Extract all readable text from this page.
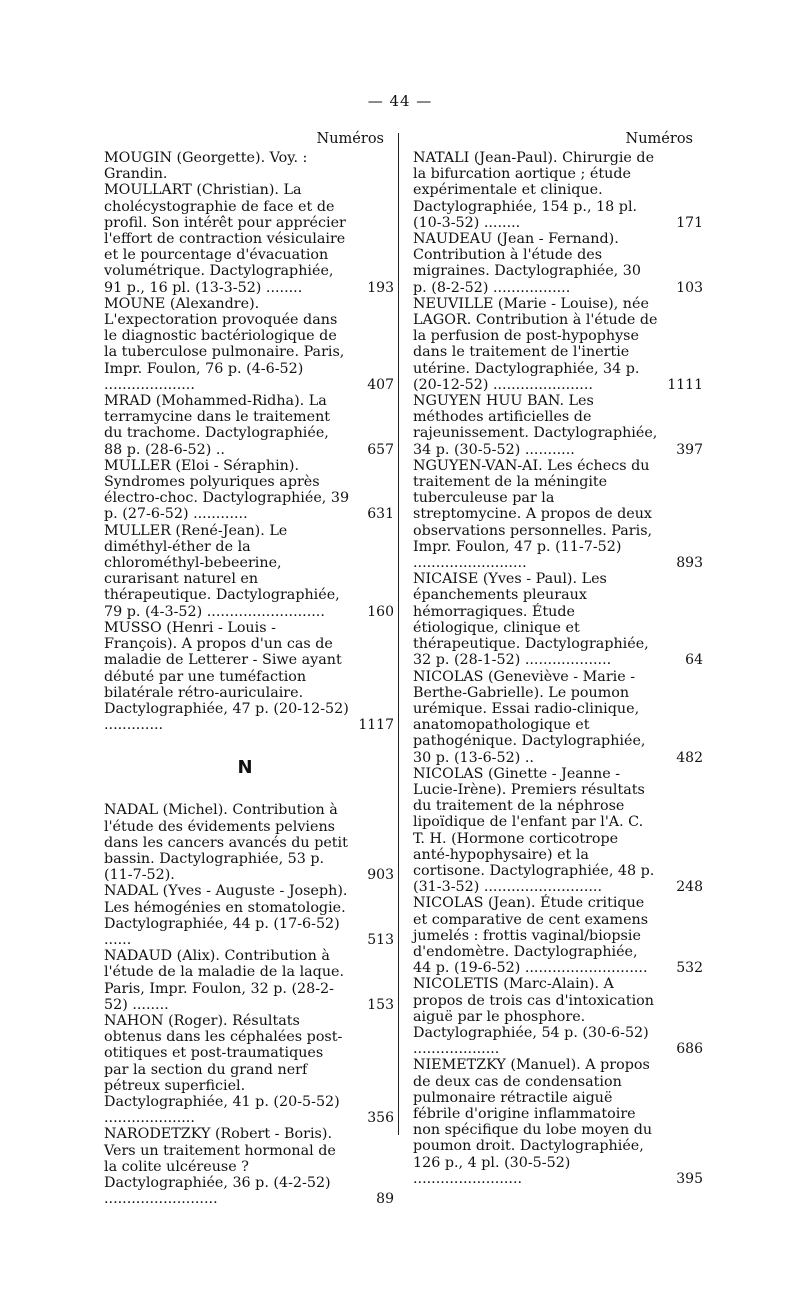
— 44 —
Numéros
MOUGIN (Georgette). Voy. : Grandin.
MOULLART (Christian). La cholécystographie de face et de profil. Son intérêt pour apprécier l'effort de contraction vésiculaire et le pourcentage d'évacuation volumétrique. Dactylographiée, 91 p., 16 pl. (13-3-52) ........	193
MOUNE (Alexandre). L'expectoration provoquée dans le diagnostic bactériologique de la tuberculose pulmonaire. Paris, Impr. Foulon, 76 p. (4-6-52) ....................	407
MRAD (Mohammed-Ridha). La terramycine dans le traitement du trachome. Dactylographiée, 88 p. (28-6-52) ..	657
MULLER (Eloi - Séraphin). Syndromes polyuriques après électro-choc. Dactylographiée, 39 p. (27-6-52) ............	631
MULLER (René-Jean). Le diméthyl-éther de la chlorométhyl-bebeerine, curarisant naturel en thérapeutique. Dactylographiée, 79 p. (4-3-52) ..........................	160
MUSSO (Henri - Louis - François). A propos d'un cas de maladie de Letterer - Siwe ayant débuté par une tuméfaction bilatérale rétro-auriculaire. Dactylographiée, 47 p. (20-12-52) .............	1117
N
NADAL (Michel). Contribution à l'étude des évidements pelviens dans les cancers avancés du petit bassin. Dactylographiée, 53 p. (11-7-52).	903
NADAL (Yves - Auguste - Joseph). Les hémogénies en stomatologie. Dactylographiée, 44 p. (17-6-52) ......	513
NADAUD (Alix). Contribution à l'étude de la maladie de la laque. Paris, Impr. Foulon, 32 p. (28-2-52) ........	153
NAHON (Roger). Résultats obtenus dans les céphalées post-otitiques et post-traumatiques par la section du grand nerf pétreux superficiel. Dactylographiée, 41 p. (20-5-52) ....................	356
NARODETZKY (Robert - Boris). Vers un traitement hormonal de la colite ulcéreuse ? Dactylographiée, 36 p. (4-2-52) .........................	89
Numéros
NATALI (Jean-Paul). Chirurgie de la bifurcation aortique ; étude expérimentale et clinique. Dactylographiée, 154 p., 18 pl. (10-3-52) ........	171
NAUDEAU (Jean - Fernand). Contribution à l'étude des migraines. Dactylographiée, 30 p. (8-2-52) .................	103
NEUVILLE (Marie - Louise), née LAGOR. Contribution à l'étude de la perfusion de post-hypophyse dans le traitement de l'inertie utérine. Dactylographiée, 34 p. (20-12-52) ......................	1111
NGUYEN HUU BAN. Les méthodes artificielles de rajeunissement. Dactylographiée, 34 p. (30-5-52) ...........	397
NGUYEN-VAN-AI. Les échecs du traitement de la méningite tuberculeuse par la streptomycine. A propos de deux observations personnelles. Paris, Impr. Foulon, 47 p. (11-7-52) .........................	893
NICAISE (Yves - Paul). Les épanchements pleuraux hémorragiques. Étude étiologique, clinique et thérapeutique. Dactylographiée, 32 p. (28-1-52) ...................	64
NICOLAS (Geneviève - Marie - Berthe-Gabrielle). Le poumon urémique. Essai radio-clinique, anatomopathologique et pathogénique. Dactylographiée, 30 p. (13-6-52) ..	482
NICOLAS (Ginette - Jeanne - Lucie-Irène). Premiers résultats du traitement de la néphrose lipoïdique de l'enfant par l'A. C. T. H. (Hormone corticotrope anté-hypophysaire) et la cortisone. Dactylographiée, 48 p. (31-3-52) ..........................	248
NICOLAS (Jean). Étude critique et comparative de cent examens jumelés : frottis vaginal/biopsie d'endomètre. Dactylographiée, 44 p. (19-6-52) ...........................	532
NICOLETIS (Marc-Alain). A propos de trois cas d'intoxication aiguë par le phosphore. Dactylographiée, 54 p. (30-6-52) ...................	686
NIEMETZKY (Manuel). A propos de deux cas de condensation pulmonaire rétractile aiguë fébrile d'origine inflammatoire non spécifique du lobe moyen du poumon droit. Dactylographiée, 126 p., 4 pl. (30-5-52) ........................	395
